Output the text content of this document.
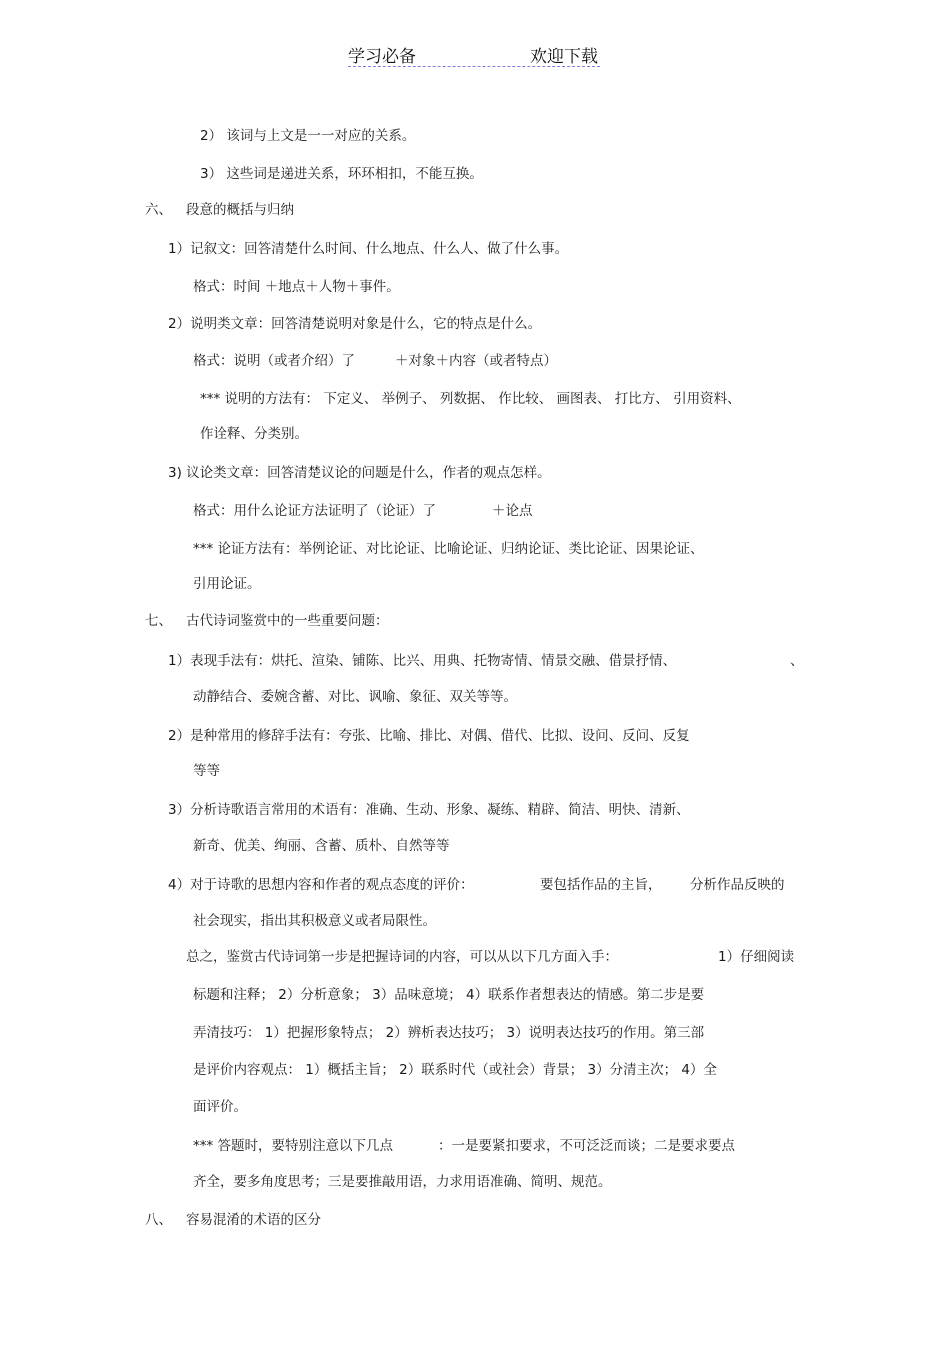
学习必备	欢迎下载
2） 该词与上文是一一对应的关系。
3） 这些词是递进关系，环环相扣，不能互换。
六、 段意的概括与归纳
1）记叙文：回答清楚什么时间、什么地点、什么人、做了什么事。
格式：时间 ＋地点＋人物＋事件。
2）说明类文章：回答清楚说明对象是什么，它的特点是什么。
格式：说明（或者介绍）了	＋对象＋内容（或者特点）
*** 说明的方法有： 下定义、 举例子、 列数据、 作比较、 画图表、 打比方、 引用资料、
作诠释、分类别。
3) 议论类文章：回答清楚议论的问题是什么，作者的观点怎样。
格式：用什么论证方法证明了（论证）了	＋论点
*** 论证方法有：举例论证、对比论证、比喻论证、归纳论证、类比论证、因果论证、
引用论证。
七、 古代诗词鉴赏中的一些重要问题：
1）表现手法有：烘托、渲染、铺陈、比兴、用典、托物寄情、情景交融、借景抒情、	、
动静结合、委婉含蓄、对比、讽喻、象征、双关等等。
2）是种常用的修辞手法有：夸张、比喻、排比、对偶、借代、比拟、设问、反问、反复
等等
3）分析诗歌语言常用的术语有：准确、生动、形象、凝练、精辟、简洁、明快、清新、
新奇、优美、绚丽、含蓄、质朴、自然等等
4）对于诗歌的思想内容和作者的观点态度的评价：	要包括作品的主旨， 分析作品反映的
社会现实，指出其积极意义或者局限性。
总之，鉴赏古代诗词第一步是把握诗词的内容，可以从以下几方面入手：	1）仔细阅读
标题和注释； 2）分析意象； 3）品味意境； 4）联系作者想表达的情感。第二步是要
弄清技巧： 1）把握形象特点； 2）辨析表达技巧； 3）说明表达技巧的作用。第三部
是评价内容观点： 1）概括主旨； 2）联系时代（或社会）背景； 3）分清主次； 4）全
面评价。
*** 答题时，要特别注意以下几点	：一是要紧扣要求，不可泛泛而谈；二是要求要点
齐全，要多角度思考；三是要推敲用语，力求用语准确、简明、规范。
八、 容易混淆的术语的区分
